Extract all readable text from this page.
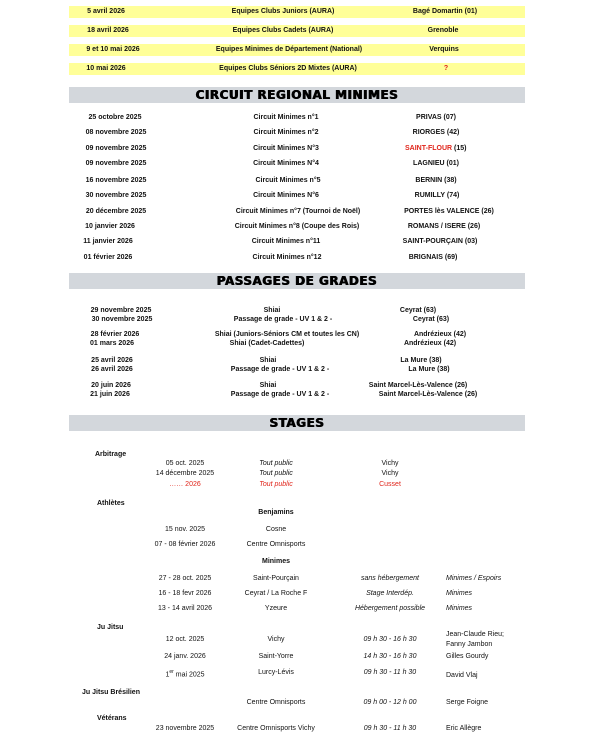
5 avril 2026	Equipes Clubs Juniors (AURA)	Bagé Domartin (01)
18 avril 2026	Equipes Clubs Cadets (AURA)	Grenoble
9 et 10 mai 2026	Equipes Minimes de Département (National)	Verquins
10 mai 2026	Equipes Clubs Séniors 2D Mixtes (AURA)	?
CIRCUIT REGIONAL MINIMES
25 octobre 2025	Circuit Minimes n°1	PRIVAS (07)
08 novembre 2025	Circuit Minimes n°2	RIORGES (42)
09 novembre 2025	Circuit Minimes N°3	SAINT-FLOUR (15)
09 novembre 2025	Circuit Minimes N°4	LAGNIEU (01)
16 novembre 2025	Circuit Minimes n°5	BERNIN (38)
30 novembre 2025	Circuit Minimes N°6	RUMILLY (74)
20 décembre 2025	Circuit Minimes n°7 (Tournoi de Noël)	PORTES lès VALENCE (26)
10 janvier 2026	Circuit Minimes n°8 (Coupe des Rois)	ROMANS / ISERE (26)
11 janvier 2026	Circuit Minimes n°11	SAINT-POURÇAIN (03)
01 février 2026	Circuit Minimes n°12	BRIGNAIS (69)
PASSAGES DE GRADES
29 novembre 2025	Shiai	Ceyrat (63)
30 novembre 2025	Passage de grade - UV 1 & 2 -	Ceyrat (63)
28 février 2026	Shiai (Juniors-Séniors CM et toutes les CN)	Andrézieux (42)
01 mars 2026	Shiai (Cadet-Cadettes)	Andrézieux (42)
25 avril 2026	Shiai	La Mure (38)
26 avril 2026	Passage de grade - UV 1 & 2 -	La Mure (38)
20 juin 2026	Shiai	Saint Marcel-Lès-Valence (26)
21 juin 2026	Passage de grade - UV 1 & 2 -	Saint Marcel-Lès-Valence (26)
STAGES
Arbitrage
05 oct. 2025	Tout public	Vichy
14 décembre 2025	Tout public	Vichy
…… 2026	Tout public	Cusset
Athlètes
Benjamins
15 nov. 2025	Cosne
07 - 08 février 2026	Centre Omnisports
Minimes
27 - 28 oct. 2025	Saint-Pourçain	sans hébergement	Minimes / Espoirs
16 - 18 fevr 2026	Ceyrat / La Roche F	Stage Interdép.	Minimes
13 - 14 avril 2026	Yzeure	Hébergement possible	Minimes
Ju Jitsu
12 oct. 2025	Vichy	09 h 30 - 16 h 30
Jean-Claude Rieu;
Fanny Jambon
24 janv. 2026	Saint-Yorre	14 h 30 - 16 h 30	Gilles Gourdy
1er mai 2025	Lurcy-Lévis	09 h 30 - 11 h 30	David Vlaj
Ju Jitsu Brésilien
Centre Omnisports	09 h 00 - 12 h 00	Serge Foigne
Vétérans
23 novembre 2025	Centre Omnisports Vichy	09 h 30 - 11 h 30	Eric Allègre
